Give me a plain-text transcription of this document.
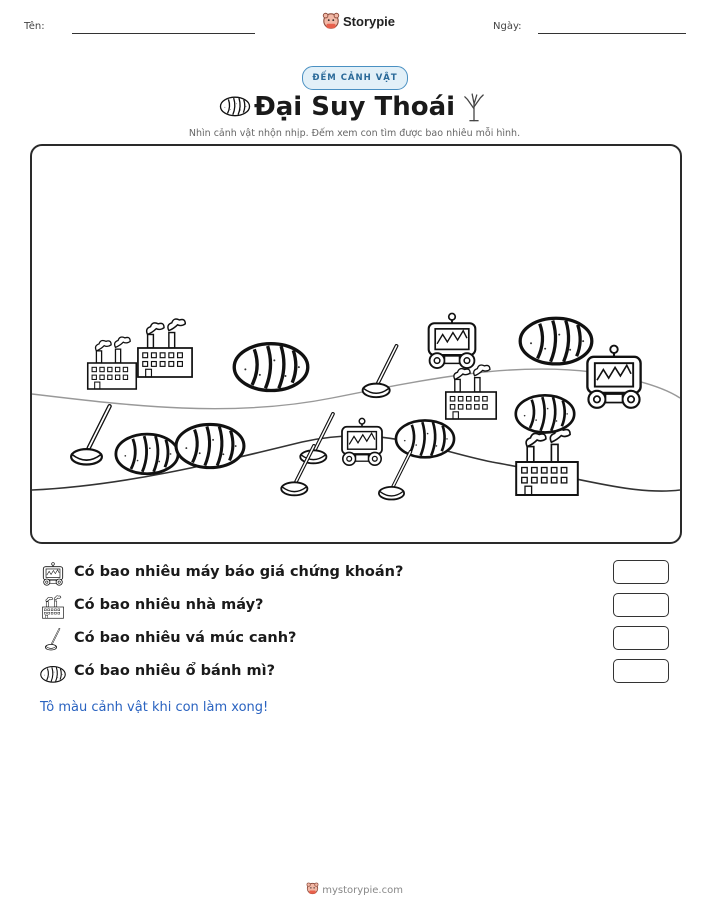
Tên:	Storypie	Ngày:
ĐẾM CẢNH VẬT
Đại Suy Thoái
Nhìn cảnh vật nhộn nhịp. Đếm xem con tìm được bao nhiêu mỗi hình.
Có bao nhiêu máy báo giá chứng khoán?
Có bao nhiêu nhà máy?
Có bao nhiêu vá múc canh?
Có bao nhiêu ổ bánh mì?
Tô màu cảnh vật khi con làm xong!
mystorypie.com
